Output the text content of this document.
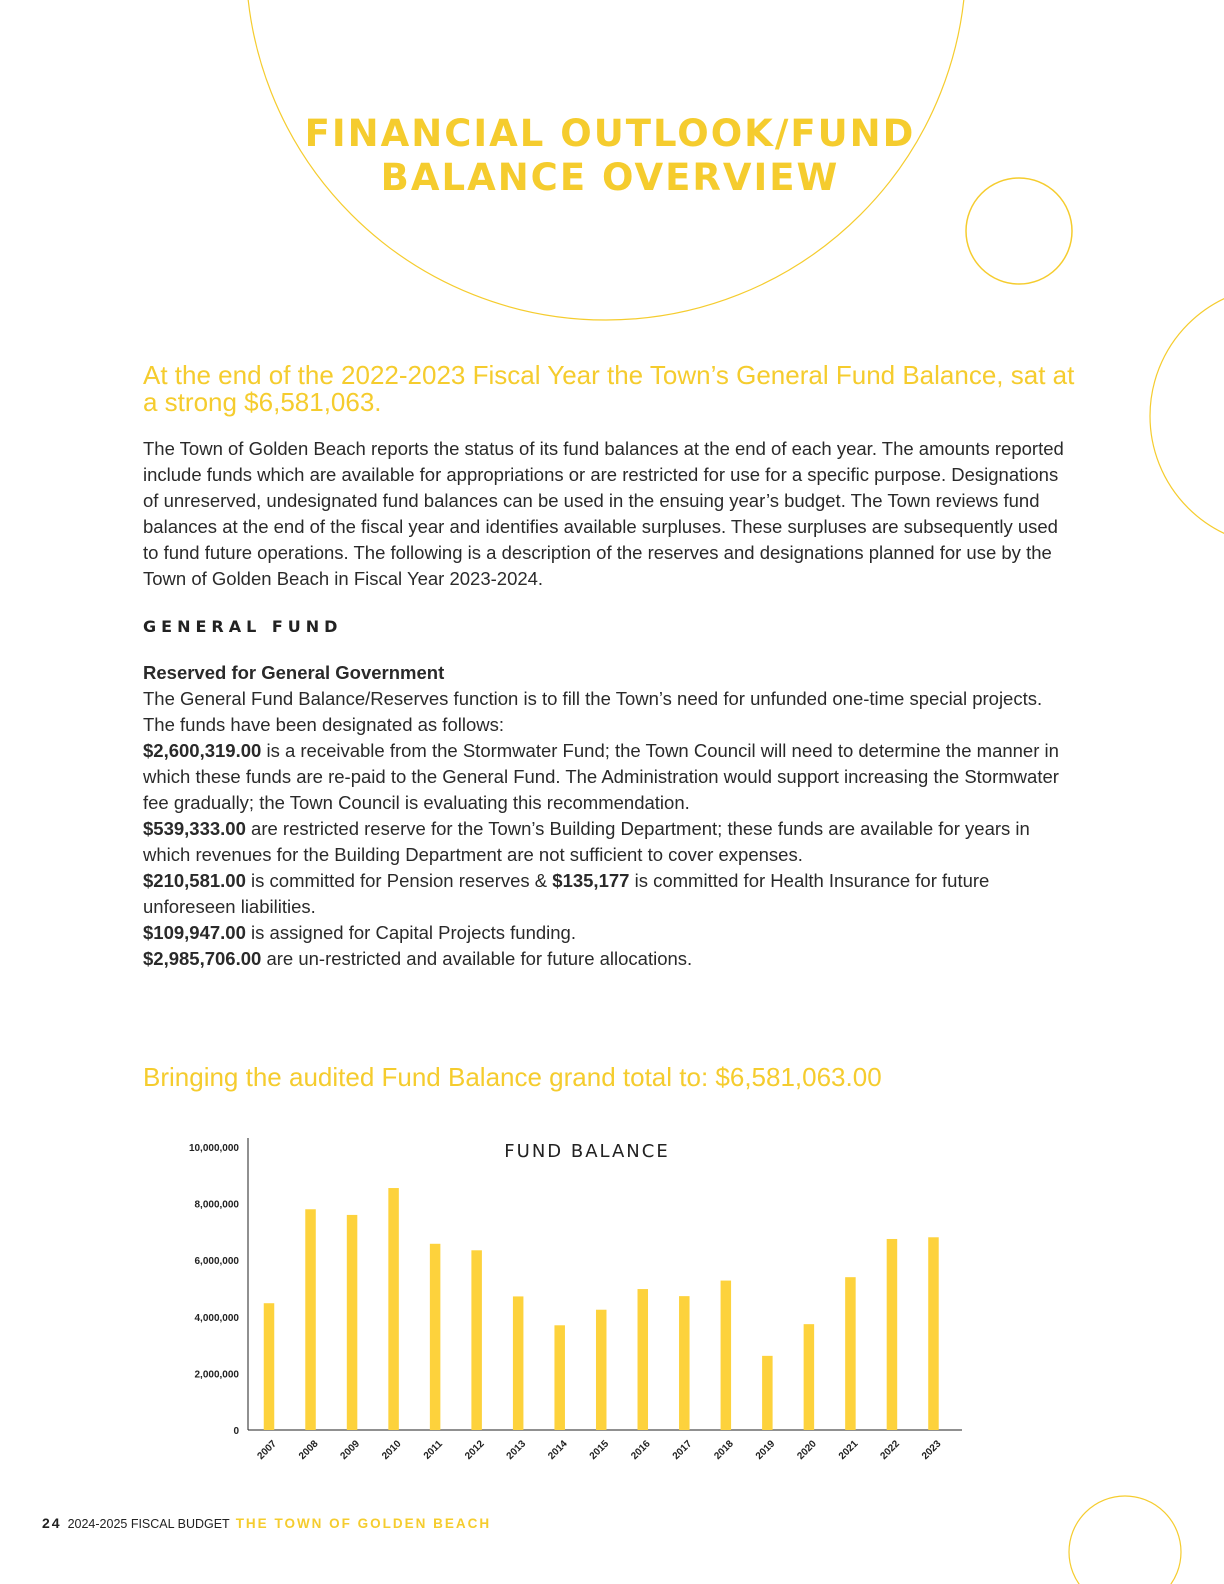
FINANCIAL OUTLOOK/FUND
BALANCE OVERVIEW
At the end of the 2022-2023 Fiscal Year the Town’s General Fund Balance, sat at a strong $6,581,063.

The Town of Golden Beach reports the status of its fund balances at the end of each year. The amounts reported include funds which are available for appropriations or are restricted for use for a specific purpose. Designations of unreserved, undesignated fund balances can be used in the ensuing year’s budget. The Town reviews fund balances at the end of the fiscal year and identifies available surpluses. These surpluses are subsequently used to fund future operations. The following is a description of the reserves and designations planned for use by the Town of Golden Beach in Fiscal Year 2023-2024.

GENERAL FUND
Reserved for General Government

The General Fund Balance/Reserves function is to fill the Town’s need for unfunded one-time special projects. The funds have been designated as follows:

$2,600,319.00 is a receivable from the Stormwater Fund; the Town Council will need to determine the manner in which these funds are re-paid to the General Fund. The Administration would support increasing the Stormwater fee gradually; the Town Council is evaluating this recommendation.

$539,333.00 are restricted reserve for the Town’s Building Department; these funds are available for years in which revenues for the Building Department are not sufficient to cover expenses.

$210,581.00 is committed for Pension reserves & $135,177 is committed for Health Insurance for future unforeseen liabilities.

$109,947.00 is assigned for Capital Projects funding.

$2,985,706.00 are un-restricted and available for future allocations.

Bringing the audited Fund Balance grand total to: $6,581,063.00
FUND BALANCE
0
2,000,000
4,000,000
6,000,000
8,000,000
10,000,000
2007 2008 2009 2010 2011 2012 2013 2014 2015 2016 2017 2018 2019 2020 2021 2022 2023
24 2024-2025 FISCAL BUDGET THE TOWN OF GOLDEN BEACH
